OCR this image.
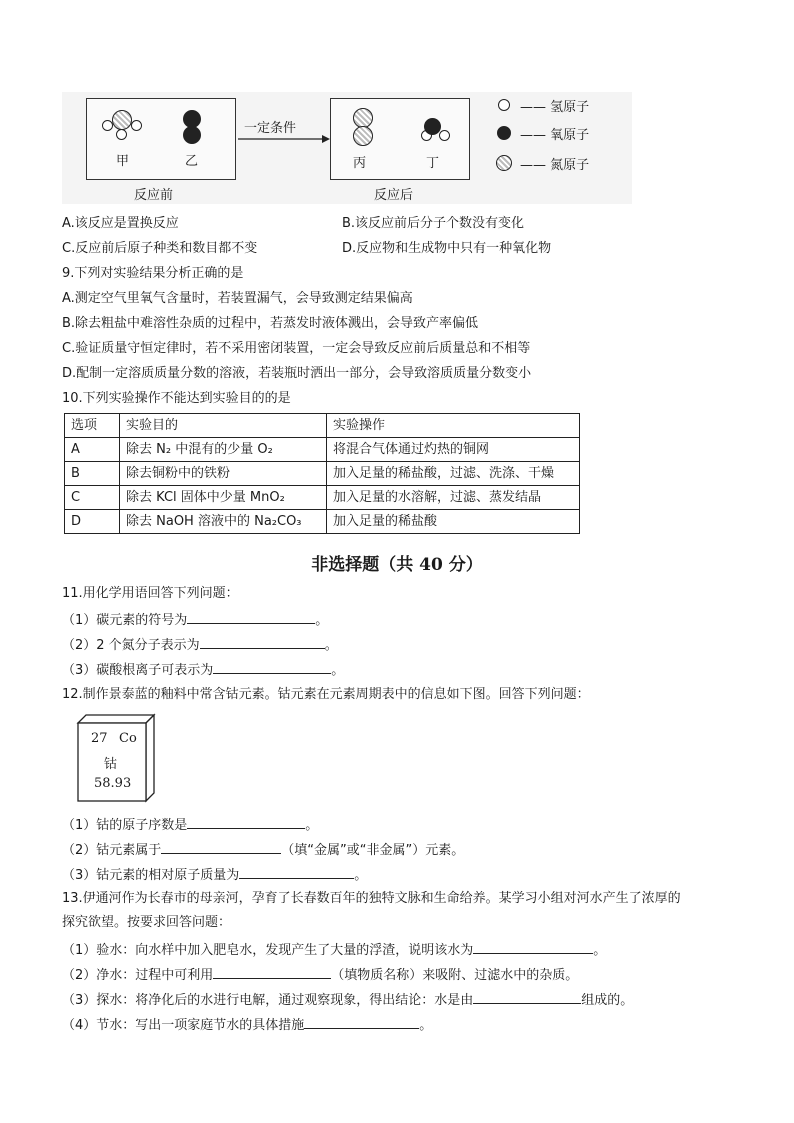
甲	乙
反应前
一定条件
丙	丁
反应后
—— 氢原子
—— 氧原子
—— 氮原子
A.该反应是置换反应	B.该反应前后分子个数没有变化
C.反应前后原子种类和数目都不变	D.反应物和生成物中只有一种氧化物
9.下列对实验结果分析正确的是
A.测定空气里氧气含量时，若装置漏气，会导致测定结果偏高
B.除去粗盐中难溶性杂质的过程中，若蒸发时液体溅出，会导致产率偏低
C.验证质量守恒定律时，若不采用密闭装置，一定会导致反应前后质量总和不相等
D.配制一定溶质质量分数的溶液，若装瓶时洒出一部分，会导致溶质质量分数变小
10.下列实验操作不能达到实验目的的是
选项	实验目的	实验操作
A	除去 N₂ 中混有的少量 O₂	将混合气体通过灼热的铜网
B	除去铜粉中的铁粉	加入足量的稀盐酸，过滤、洗涤、干燥
C	除去 KCl 固体中少量 MnO₂	加入足量的水溶解，过滤、蒸发结晶
D	除去 NaOH 溶液中的 Na₂CO₃	加入足量的稀盐酸
非选择题（共 40 分）
11.用化学用语回答下列问题：
（1）碳元素的符号为	。
（2）2 个氮分子表示为	。
（3）碳酸根离子可表示为	。
12.制作景泰蓝的釉料中常含钴元素。钴元素在元素周期表中的信息如下图。回答下列问题：
27 Co
钴
58.93
（1）钴的原子序数是	。
（2）钴元素属于	（填“金属”或“非金属”）元素。
（3）钴元素的相对原子质量为	。
13.伊通河作为长春市的母亲河，孕育了长春数百年的独特文脉和生命给养。某学习小组对河水产生了浓厚的
探究欲望。按要求回答问题：
（1）验水：向水样中加入肥皂水，发现产生了大量的浮渣，说明该水为	。
（2）净水：过程中可利用	（填物质名称）来吸附、过滤水中的杂质。
（3）探水：将净化后的水进行电解，通过观察现象，得出结论：水是由	组成的。
（4）节水：写出一项家庭节水的具体措施	。
